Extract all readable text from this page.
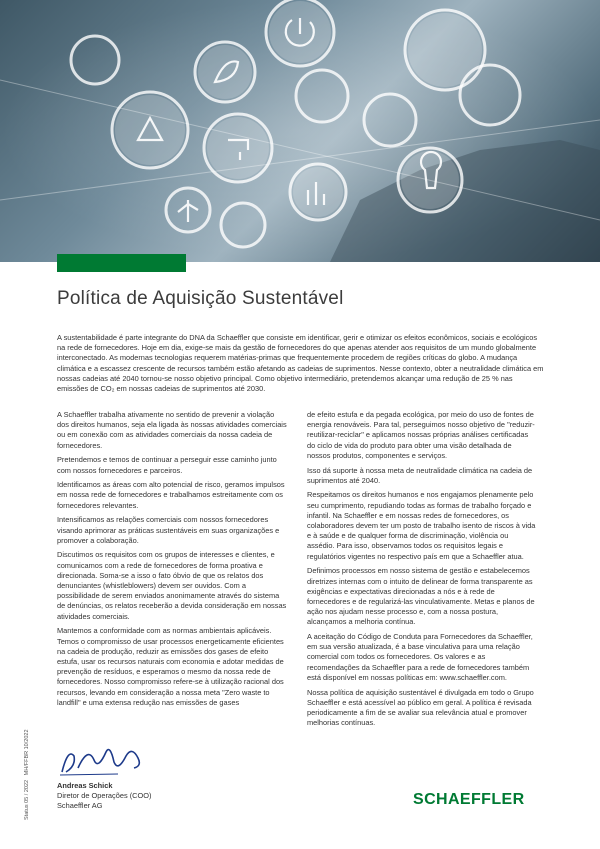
Política de Aquisição Sustentável

A sustentabilidade é parte integrante do DNA da Schaeffler que consiste em identificar, gerir e otimizar os efeitos econômicos, sociais e ecológicos na rede de fornecedores. Hoje em dia, exige-se mais da gestão de fornecedores do que apenas atender aos requisitos de um mundo globalmente interconectado. As modernas tecnologias requerem matérias-primas que frequentemente procedem de regiões críticas do globo. A mudança climática e a escassez crescente de recursos também estão afetando as cadeias de suprimentos. Nesse contexto, obter a neutralidade climática em nossas cadeias até 2040 tornou-se nosso objetivo principal. Como objetivo intermediário, pretendemos alcançar uma redução de 25 % nas emissões de CO₂ em nossas cadeias de suprimentos até 2030.

A Schaeffler trabalha ativamente no sentido de prevenir a violação dos direitos humanos, seja ela ligada às nossas atividades comerciais ou em conexão com as atividades comerciais da nossa cadeia de fornecedores.

Pretendemos e temos de continuar a perseguir esse caminho junto com nossos fornecedores e parceiros.

Identificamos as áreas com alto potencial de risco, geramos impulsos em nossa rede de fornecedores e trabalhamos estreitamente com os fornecedores relevantes.

Intensificamos as relações comerciais com nossos fornecedores visando aprimorar as práticas sustentáveis em suas organizações e promover a colaboração.

Discutimos os requisitos com os grupos de interesses e clientes, e comunicamos com a rede de fornecedores de forma proativa e direcionada. Soma-se a isso o fato óbvio de que os relatos dos denunciantes (whistleblowers) devem ser ouvidos. Com a possibilidade de serem enviados anonimamente através do sistema de denúncias, os relatos receberão a devida consideração em nossas atividades comerciais.

Mantemos a conformidade com as normas ambientais aplicáveis. Temos o compromisso de usar processos energeticamente eficientes na cadeia de produção, reduzir as emissões dos gases de efeito estufa, usar os recursos naturais com economia e adotar medidas de prevenção de resíduos, e esperamos o mesmo da nossa rede de fornecedores. Nosso compromisso refere-se à utilização racional dos recursos, levando em consideração a nossa meta "Zero waste to landfill" e uma extensa redução nas emissões de gases

de efeito estufa e da pegada ecológica, por meio do uso de fontes de energia renováveis. Para tal, perseguimos nosso objetivo de "reduzir-reutilizar-reciclar" e aplicamos nossas próprias análises certificadas do ciclo de vida do produto para obter uma visão detalhada de nossos produtos, componentes e serviços.

Isso dá suporte à nossa meta de neutralidade climática na cadeia de suprimentos até 2040.

Respeitamos os direitos humanos e nos engajamos plenamente pelo seu cumprimento, repudiando todas as formas de trabalho forçado e infantil. Na Schaeffler e em nossas redes de fornecedores, os colaboradores devem ter um posto de trabalho isento de riscos à vida e à saúde e de qualquer forma de discriminação, violência ou assédio. Para isso, observamos todos os requisitos legais e regulatórios vigentes no respectivo país em que a Schaeffler atua.

Definimos processos em nosso sistema de gestão e estabelecemos diretrizes internas com o intuito de delinear de forma transparente as exigências e expectativas direcionadas a nós e à rede de fornecedores e de regularizá-las vinculativamente. Metas e planos de ação nos ajudam nesse processo e, com a nossa postura, alcançamos a melhoria contínua.

A aceitação do Código de Conduta para Fornecedores da Schaeffler, em sua versão atualizada, é a base vinculativa para uma relação comercial com todos os fornecedores. Os valores e as recomendações da Schaeffler para a rede de fornecedores também está disponível em nossas políticas em: www.schaeffler.com.

Nossa política de aquisição sustentável é divulgada em todo o Grupo Schaeffler e está acessível ao público em geral. A política é revisada periodicamente a fim de se avaliar sua relevância atual e promover melhorias contínuas.

Andreas Schick
Diretor de Operações (COO)
Schaeffler AG
Status 05 / 2022   MH/FFBR 10/2022
SCHAEFFLER
